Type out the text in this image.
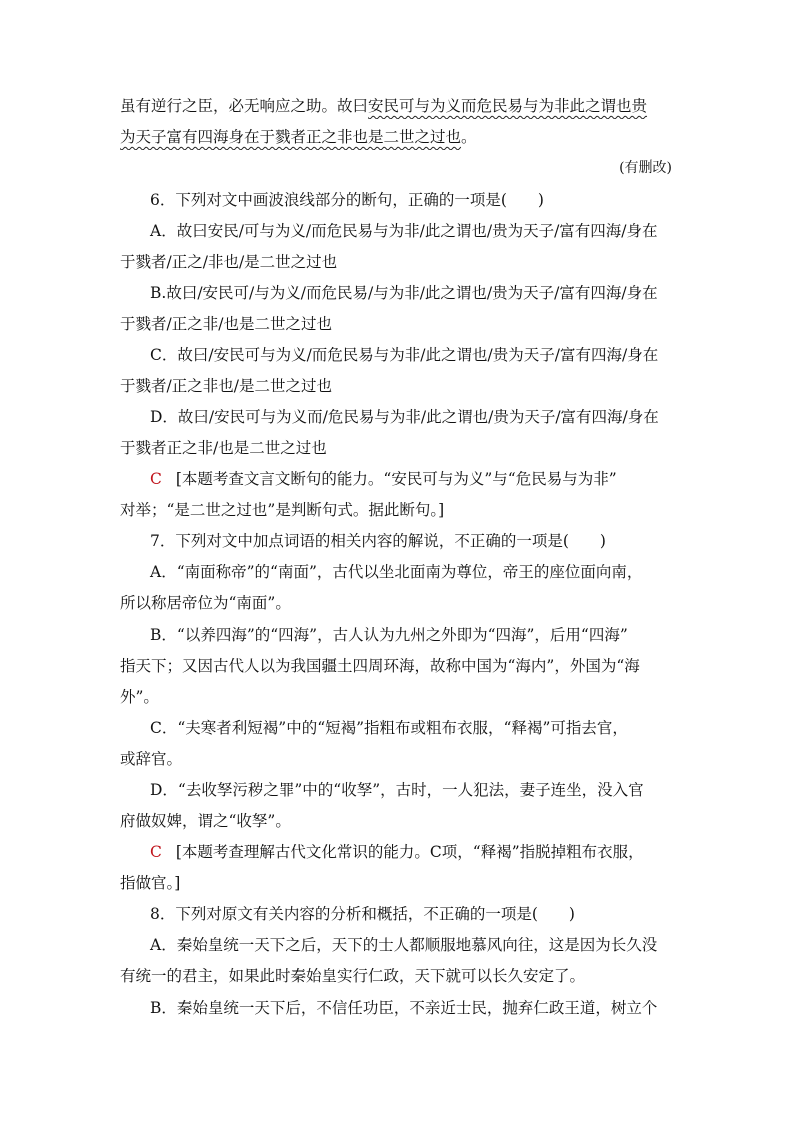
虽有逆行之臣，必无响应之助。故曰安民可与为义而危民易与为非此之谓也贵
为天子富有四海身在于戮者正之非也是二世之过也。
(有删改)
6．下列对文中画波浪线部分的断句，正确的一项是(　　)
A．故曰安民/可与为义/而危民易与为非/此之谓也/贵为天子/富有四海/身在
于戮者/正之/非也/是二世之过也
B.故曰/安民可/与为义/而危民易/与为非/此之谓也/贵为天子/富有四海/身在
于戮者/正之非/也是二世之过也
C．故曰/安民可与为义/而危民易与为非/此之谓也/贵为天子/富有四海/身在
于戮者/正之非也/是二世之过也
D．故曰/安民可与为义而/危民易与为非/此之谓也/贵为天子/富有四海/身在
于戮者正之非/也是二世之过也
C [本题考查文言文断句的能力。“安民可与为义”与“危民易与为非”
对举；“是二世之过也”是判断句式。据此断句。]
7．下列对文中加点词语的相关内容的解说，不正确的一项是(　　)
A．“南面称帝”的“南面”，古代以坐北面南为尊位，帝王的座位面向南，
所以称居帝位为“南面”。
B．“以养四海”的“四海”，古人认为九州之外即为“四海”，后用“四海”
指天下；又因古代人以为我国疆土四周环海，故称中国为“海内”，外国为“海
外”。
C．“夫寒者利短褐”中的“短褐”指粗布或粗布衣服，“释褐”可指去官，
或辞官。
D．“去收孥污秽之罪”中的“收孥”，古时，一人犯法，妻子连坐，没入官
府做奴婢，谓之“收孥”。
C [本题考查理解古代文化常识的能力。C项，“释褐”指脱掉粗布衣服，
指做官。]
8．下列对原文有关内容的分析和概括，不正确的一项是(　　)
A．秦始皇统一天下之后，天下的士人都顺服地慕风向往，这是因为长久没
有统一的君主，如果此时秦始皇实行仁政，天下就可以长久安定了。
B．秦始皇统一天下后，不信任功臣，不亲近士民，抛弃仁政王道，树立个
